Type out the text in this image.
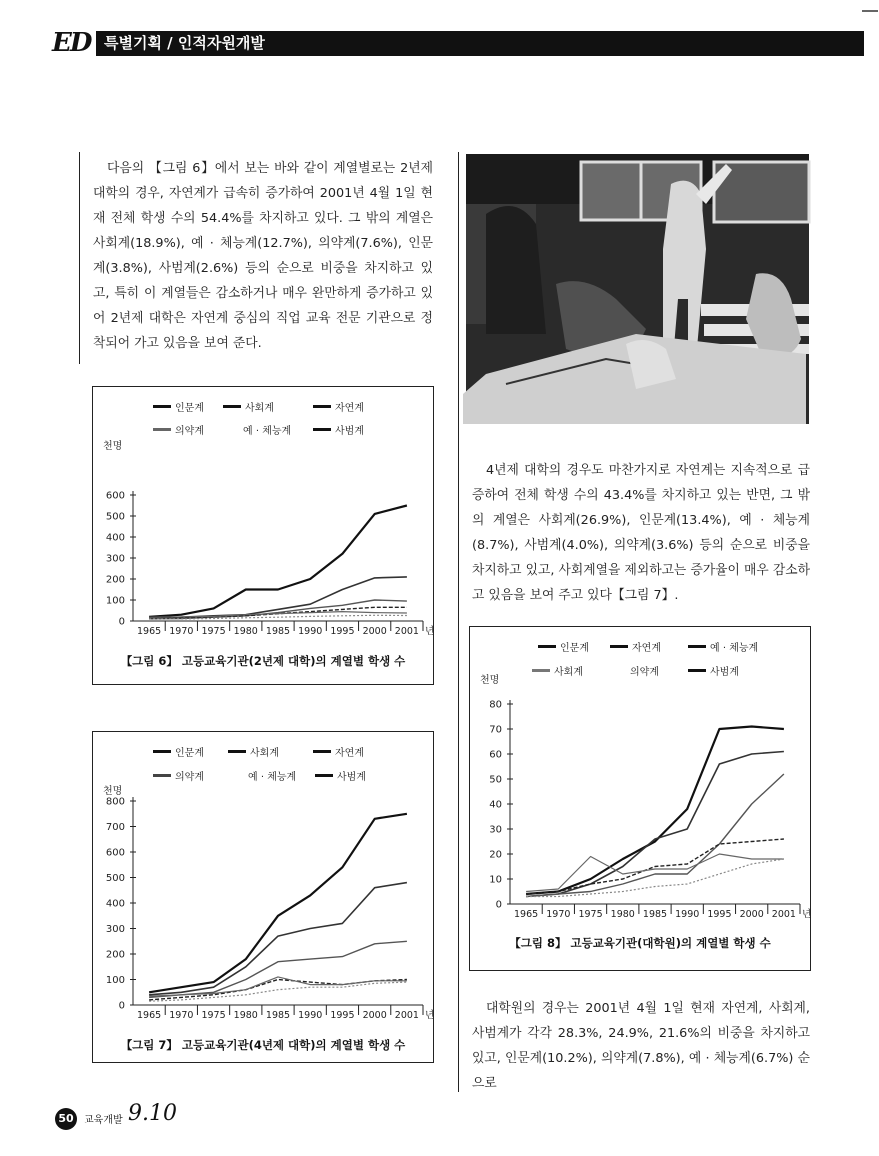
ED 특별기획 / 인적자원개발

다음의 【그림 6】에서 보는 바와 같이 계열별로는 2년제 대학의 경우, 자연계가 급속히 증가하여 2001년 4월 1일 현재 전체 학생 수의 54.4%를 차지하고 있다. 그 밖의 계열은 사회계(18.9%), 예 · 체능계(12.7%), 의약계(7.6%), 인문계(3.8%), 사범계(2.6%) 등의 순으로 비중을 차지하고 있고, 특히 이 계열들은 감소하거나 매우 완만하게 증가하고 있어 2년제 대학은 자연계 중심의 직업 교육 전문 기관으로 정착되어 가고 있음을 보여 준다.

4년제 대학의 경우도 마찬가지로 자연계는 지속적으로 급증하여 전체 학생 수의 43.4%를 차지하고 있는 반면, 그 밖의 계열은 사회계(26.9%), 인문계(13.4%), 예 · 체능계(8.7%), 사범계(4.0%), 의약계(3.6%) 등의 순으로 비중을 차지하고 있고, 사회계열을 제외하고는 증가율이 매우 감소하고 있음을 보여 주고 있다【그림 7】.

인문계	사회계	자연계
의약계	예 · 체능계	사범계
천명
0
100
200
300
400
500
600
1965 1970 1975 1980 1985 1990 1995 2000 2001 년
【그림 6】 고등교육기관(2년제 대학)의 계열별 학생 수
인문계	사회계	자연계
의약계	예 · 체능계	사범계
천명
0
100
200
300
400
500
600
700
800
1965 1970 1975 1980 1985 1990 1995 2000 2001 년
【그림 7】 고등교육기관(4년제 대학)의 계열별 학생 수
인문계	자연계	예 · 체능계
사회계	의약계	사범계
천명
0
10
20
30
40
50
60
70
80
1965 1970 1975 1980 1985 1990 1995 2000 2001 년
【그림 8】 고등교육기관(대학원)의 계열별 학생 수

대학원의 경우는 2001년 4월 1일 현재 자연계, 사회계, 사범계가 각각 28.3%, 24.9%, 21.6%의 비중을 차지하고 있고, 인문계(10.2%), 의약계(7.8%), 예 · 체능계(6.7%) 순으로

50	교육개발 9.10
